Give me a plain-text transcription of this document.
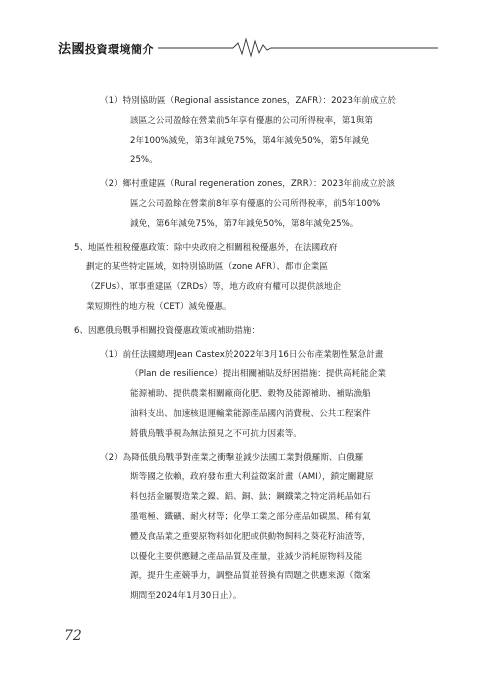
法國投資環境簡介
（1）特別協助區（Regional assistance zones，ZAFR）：2023年前成立於
該區之公司盈餘在營業前5年享有優惠的公司所得稅率，第1與第
2年100%減免，第3年減免75%，第4年減免50%，第5年減免
25%。
（2）鄉村重建區（Rural regeneration zones，ZRR）：2023年前成立於該
區之公司盈餘在營業前8年享有優惠的公司所得稅率，前5年100%
減免，第6年減免75%，第7年減免50%，第8年減免25%。
5、地區性租稅優惠政策：除中央政府之相關租稅優惠外，在法國政府
劃定的某些特定區域，如特別協助區（zone AFR）、都市企業區
（ZFUs）、軍事重建區（ZRDs）等，地方政府有權可以提供該地企
業短期性的地方稅（CET）減免優惠。
6、因應俄烏戰爭相關投資優惠政策或補助措施：
（1）前任法國總理Jean Castex於2022年3月16日公布產業韌性緊急計畫
（Plan de resilience）提出相關補貼及紓困措施：提供高耗能企業
能源補助、提供農業相關廠商化肥、穀物及能源補助、補貼漁船
油料支出、加速核退運輸業能源產品國內消費稅、公共工程案件
將俄烏戰爭視為無法預見之不可抗力因素等。
（2）為降低俄烏戰爭對產業之衝擊並減少法國工業對俄羅斯、白俄羅
斯等國之依賴，政府發布重大利益徵案計畫（AMI），鎖定關鍵原
料包括金屬製造業之鎳、鋁、銅、鈦；鋼鐵業之特定消耗品如石
墨電極、鐵礦、耐火材等；化學工業之部分產品如碳黑、稀有氣
體及食品業之重要原物料如化肥或供動物飼料之葵花籽油渣等，
以優化主要供應鏈之產品品質及產量，並減少消耗原物料及能
源，提升生產競爭力，調整品質並替換有問題之供應來源（徵案
期間至2024年1月30日止）。
72
